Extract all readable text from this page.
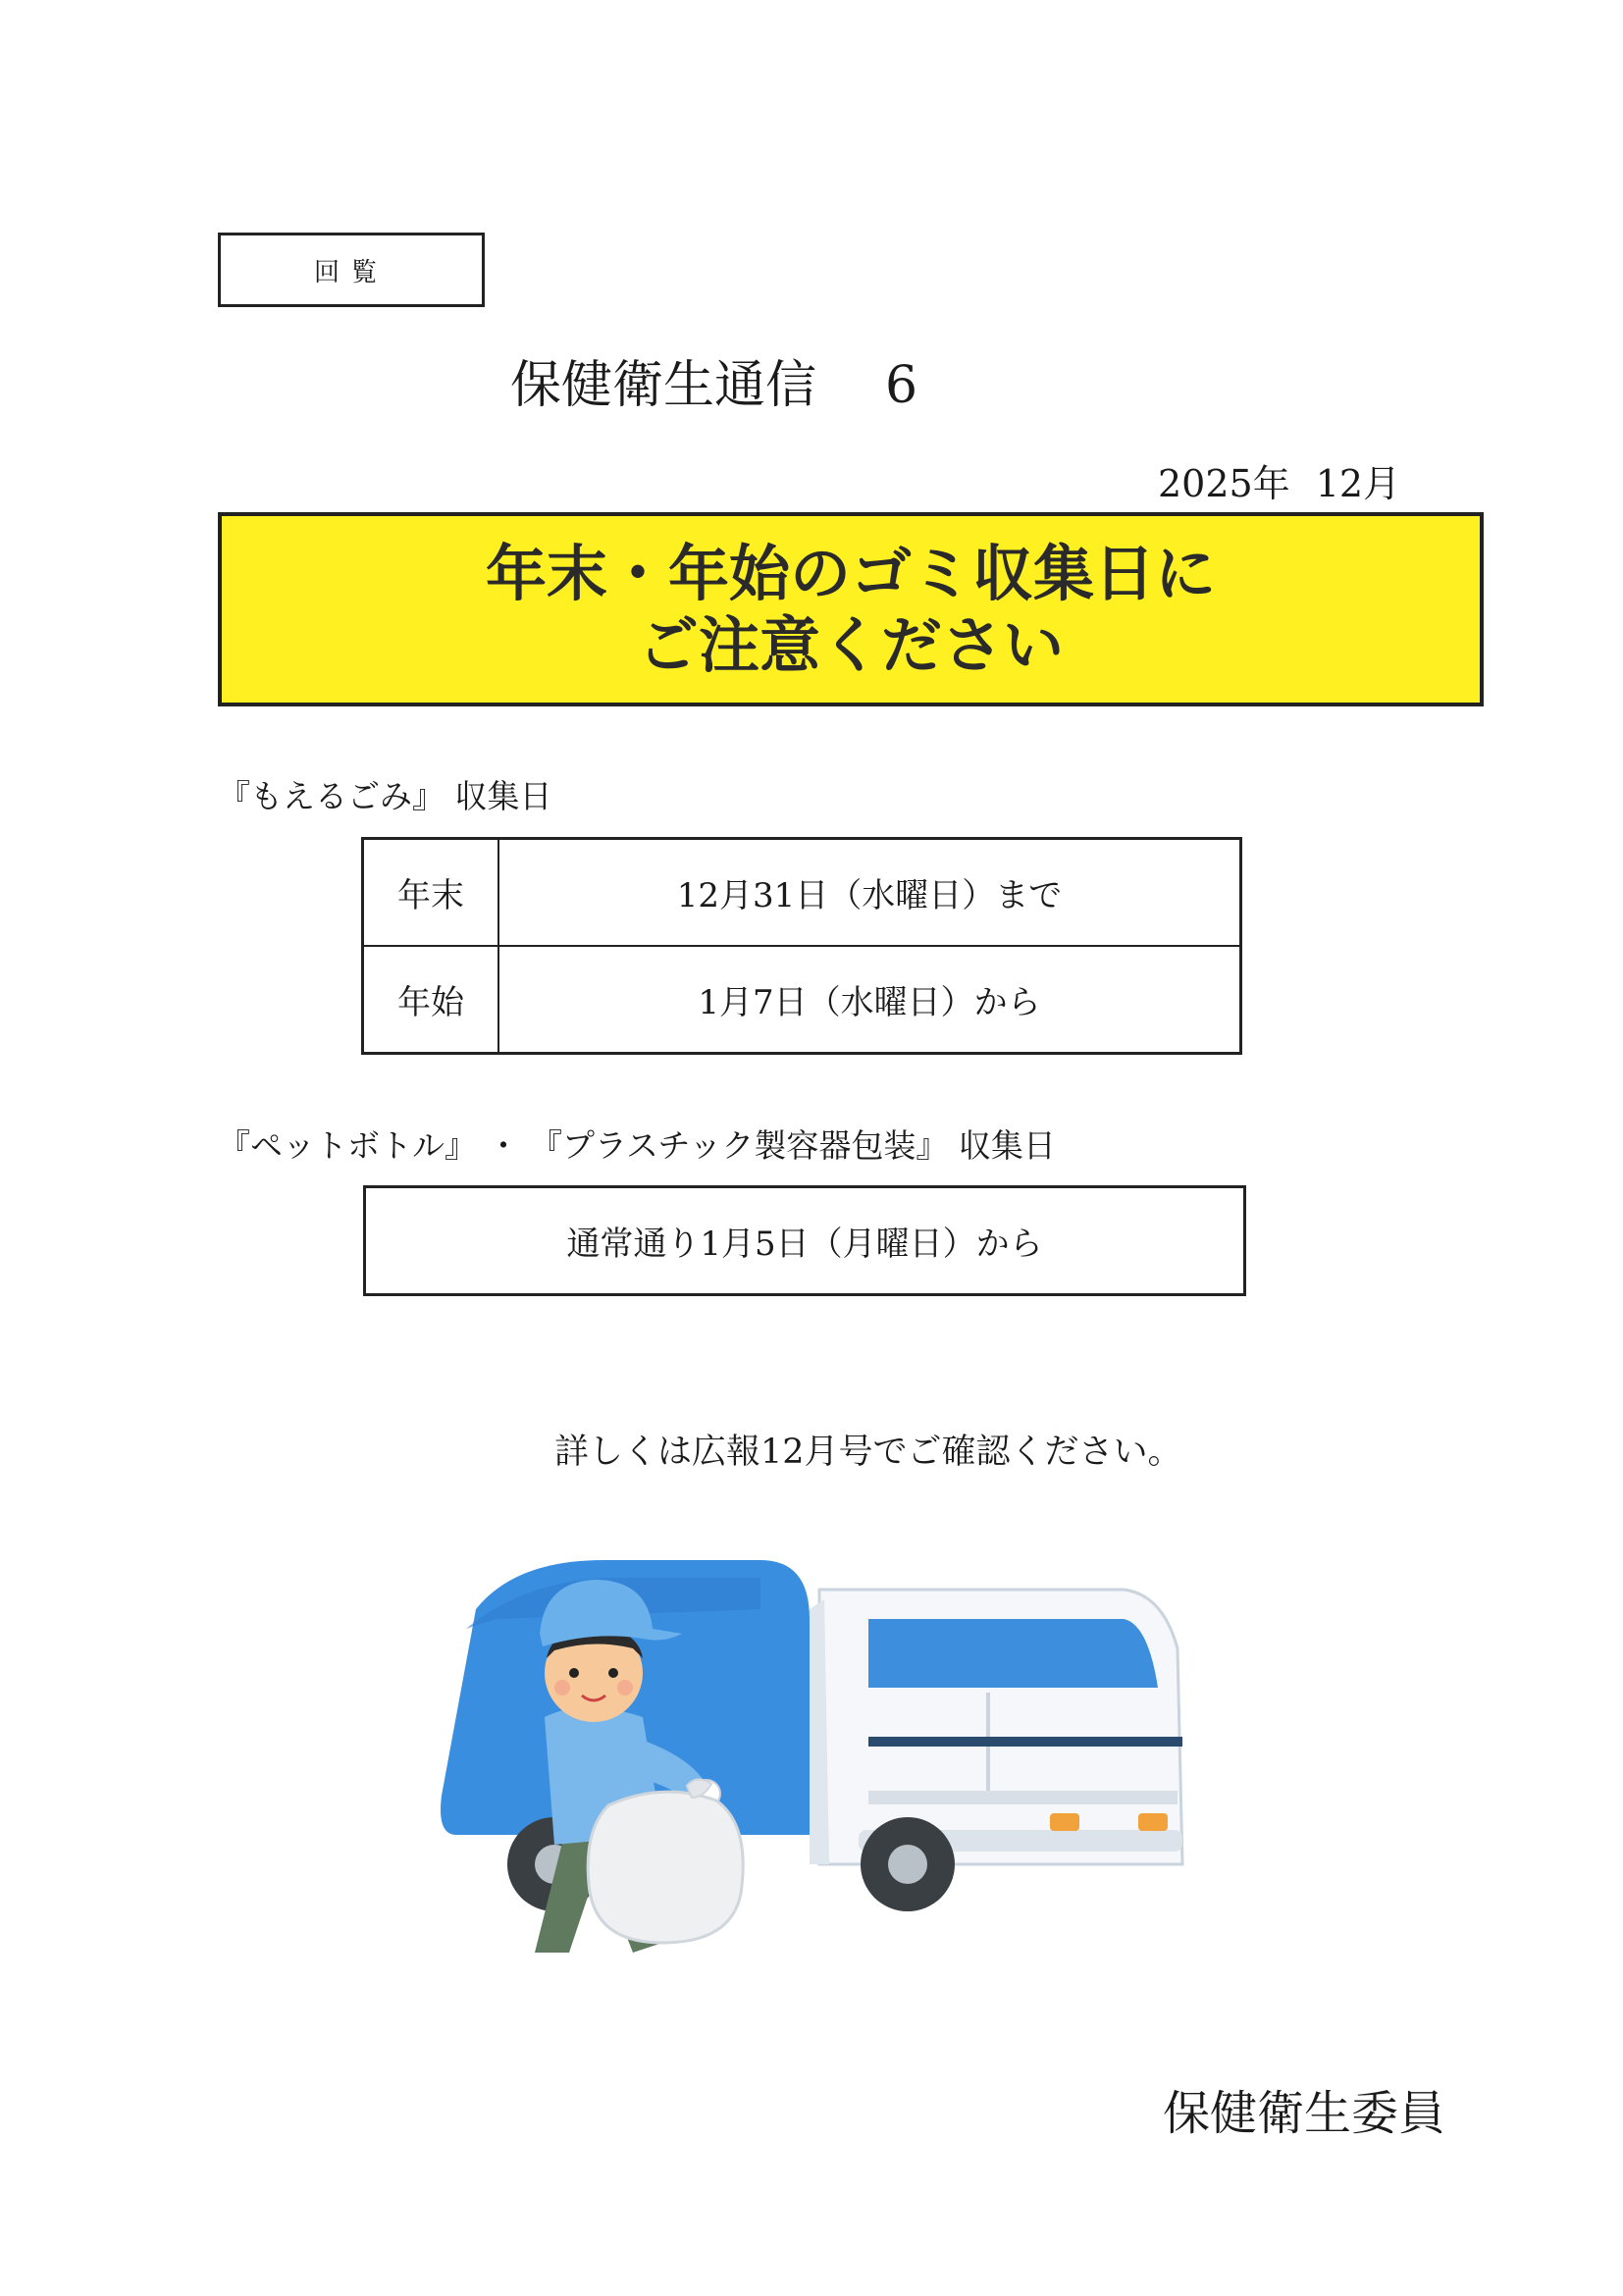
回覧
保健衛生通信 6
2025年 12月
年末・年始のゴミ収集日に
ご注意ください
『もえるごみ』 収集日
年末	12月31日（水曜日）まで
年始	1月7日（水曜日）から
『ペットボトル』 ・ 『プラスチック製容器包装』 収集日
通常通り1月5日（月曜日）から
詳しくは広報12月号でご確認ください。
保健衛生委員
